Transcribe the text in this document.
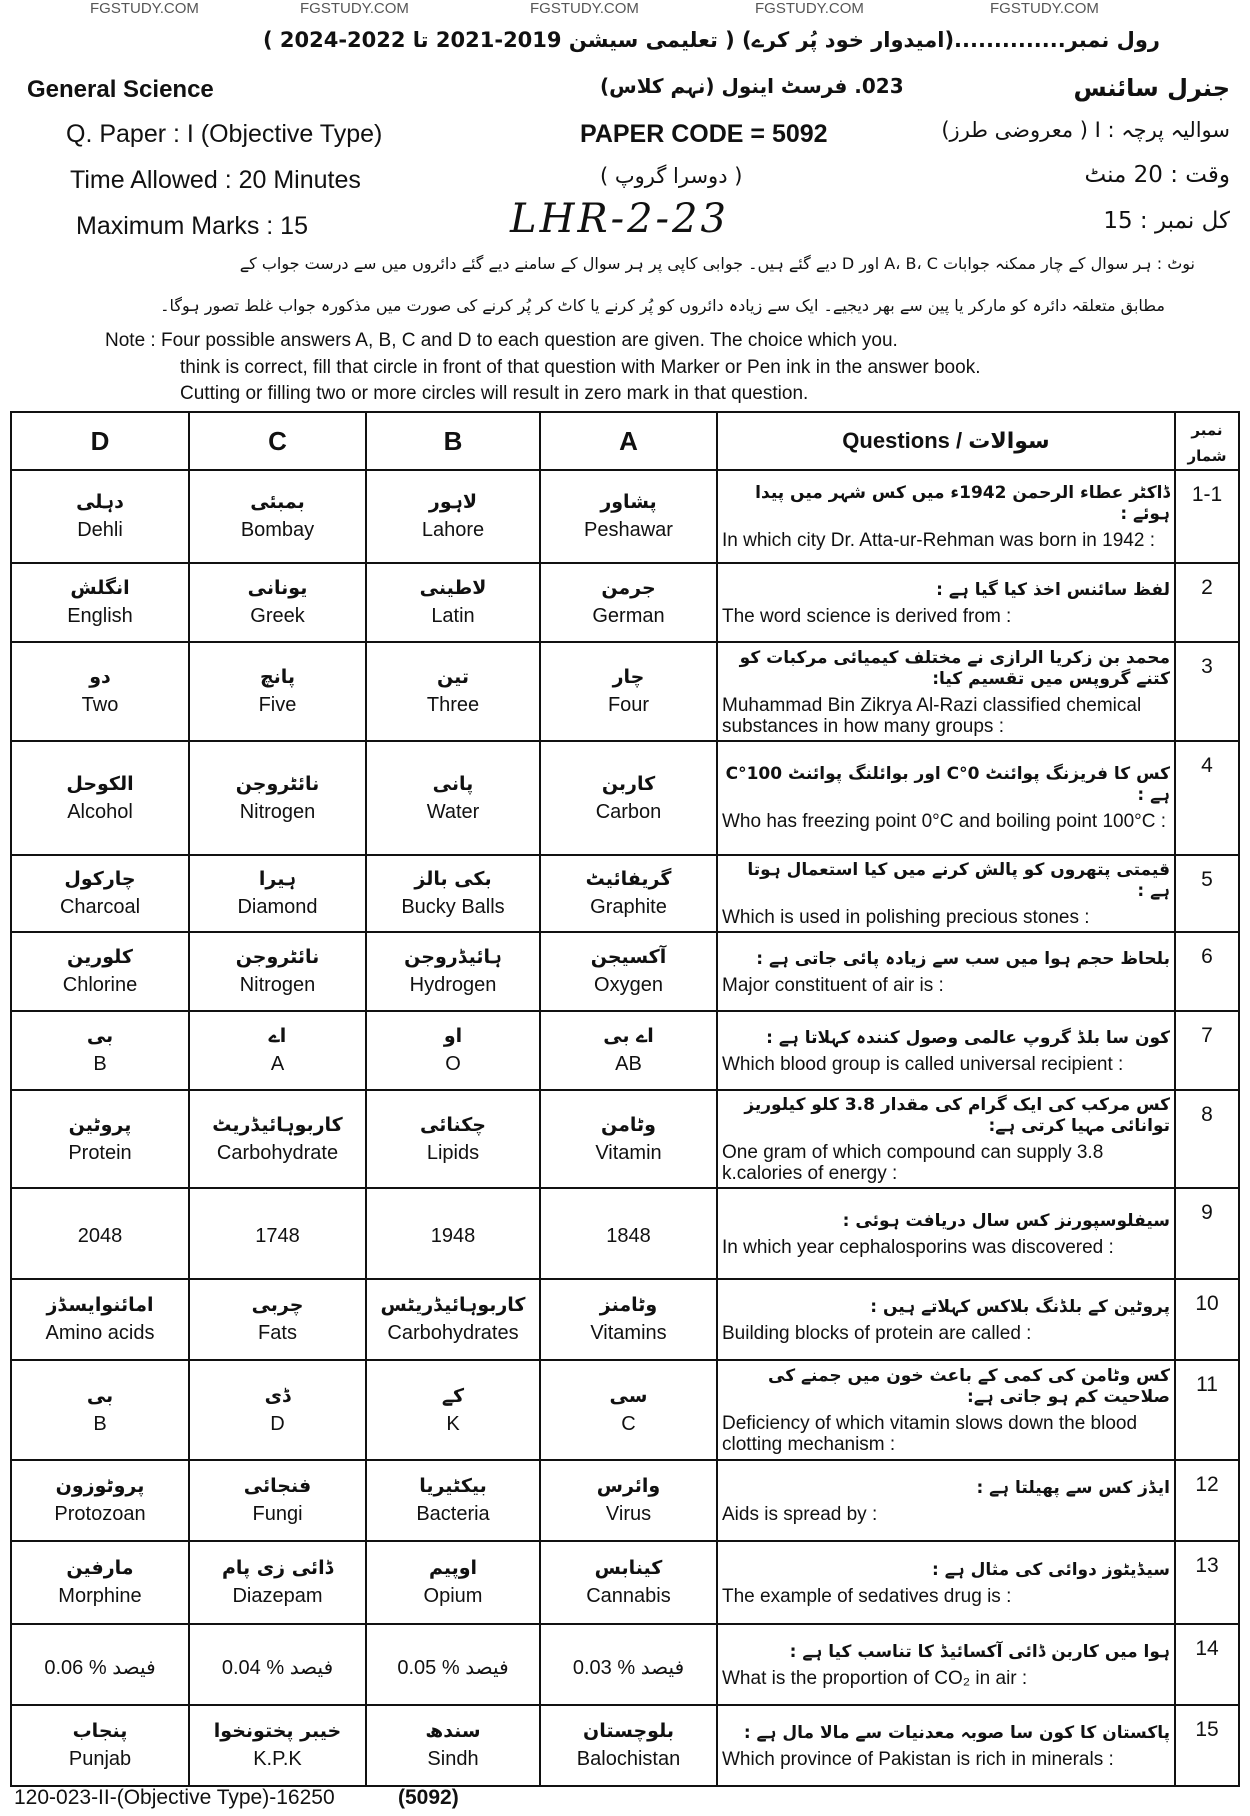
FGSTUDY.COM	FGSTUDY.COM	FGSTUDY.COM	FGSTUDY.COM	FGSTUDY.COM
رول نمبر..............(امیدوار خود پُر کرے) ( تعلیمی سیشن 2019-2021 تا 2022-2024 )
General Science	023. فرسٹ اینول (نہم کلاس)	جنرل سائنس
Q. Paper : I (Objective Type)	PAPER CODE = 5092	سوالیہ پرچہ : I ( معروضی طرز)
Time Allowed : 20 Minutes	( دوسرا گروپ )	وقت : 20 منٹ
Maximum Marks : 15	LHR-2-23	کل نمبر : 15
نوٹ : ہر سوال کے چار ممکنہ جوابات A، B، C اور D دیے گئے ہیں۔ جوابی کاپی پر ہر سوال کے سامنے دیے گئے دائروں میں سے درست جواب کے
مطابق متعلقہ دائرہ کو مارکر یا پین سے بھر دیجیے۔ ایک سے زیادہ دائروں کو پُر کرنے یا کاٹ کر پُر کرنے کی صورت میں مذکورہ جواب غلط تصور ہوگا۔
Note : Four possible answers A, B, C and D to each question are given. The choice which you.
think is correct, fill that circle in front of that question with Marker or Pen ink in the answer book.
Cutting or filling two or more circles will result in zero mark in that question.
D	C	B	A	Questions / سوالات	نمبر شمار

دہلی
Dehli	بمبئی
Bombay	لاہور
Lahore	پشاور
Peshawar	ڈاکٹر عطاء الرحمن 1942ء میں کس شہر میں پیدا ہوئے :
In which city Dr. Atta-ur-Rehman was born in 1942 :	1-1

انگلش
English	یونانی
Greek	لاطینی
Latin	جرمن
German	لفظ سائنس اخذ کیا گیا ہے :
The word science is derived from :	2

دو
Two	پانچ
Five	تین
Three	چار
Four	محمد بن زکریا الرازی نے مختلف کیمیائی مرکبات کو کتنے گروپس میں تقسیم کیا:
Muhammad Bin Zikrya Al-Razi classified chemical substances in how many groups :	3

الکوحل
Alcohol	نائٹروجن
Nitrogen	پانی
Water	کاربن
Carbon	کس کا فریزنگ پوائنٹ 0°C اور بوائلنگ پوائنٹ 100°C ہے :
Who has freezing point 0°C and boiling point 100°C :	4

چارکول
Charcoal	ہیرا
Diamond	بکی بالز
Bucky Balls	گریفائیٹ
Graphite	قیمتی پتھروں کو پالش کرنے میں کیا استعمال ہوتا ہے :
Which is used in polishing precious stones :	5

کلورین
Chlorine	نائٹروجن
Nitrogen	ہائیڈروجن
Hydrogen	آکسیجن
Oxygen	بلحاظ حجم ہوا میں سب سے زیادہ پائی جاتی ہے :
Major constituent of air is :	6

بی
B	اے
A	او
O	اے بی
AB	کون سا بلڈ گروپ عالمی وصول کنندہ کہلاتا ہے :
Which blood group is called universal recipient :	7

پروٹین
Protein	کاربوہائیڈریٹ
Carbohydrate	چکنائی
Lipids	وٹامن
Vitamin	کس مرکب کی ایک گرام کی مقدار 3.8 کلو کیلوریز توانائی مہیا کرتی ہے:
One gram of which compound can supply 3.8 k.calories of energy :	8

2048	1748	1948	1848	سیفلوسپورنز کس سال دریافت ہوئی :
In which year cephalosporins was discovered :	9

امائنوایسڈز
Amino acids	چربی
Fats	کاربوہائیڈریٹس
Carbohydrates	وٹامنز
Vitamins	پروٹین کے بلڈنگ بلاکس کہلاتے ہیں :
Building blocks of protein are called :	10

بی
B	ڈی
D	کے
K	سی
C	کس وٹامن کی کمی کے باعث خون میں جمنے کی صلاحیت کم ہو جاتی ہے:
Deficiency of which vitamin slows down the blood clotting mechanism :	11

پروٹوزون
Protozoan	فنجائی
Fungi	بیکٹیریا
Bacteria	وائرس
Virus	ایڈز کس سے پھیلتا ہے :
Aids is spread by :	12

مارفین
Morphine	ڈائی زی پام
Diazepam	اوپیم
Opium	کینابس
Cannabis	سیڈیٹوز دوائی کی مثال ہے :
The example of sedatives drug is :	13

0.06 % فیصد	0.04 % فیصد	0.05 % فیصد	0.03 % فیصد	ہوا میں کاربن ڈائی آکسائیڈ کا تناسب کیا ہے :
What is the proportion of CO₂ in air :	14

پنجاب
Punjab	خیبر پختونخوا
K.P.K	سندھ
Sindh	بلوچستان
Balochistan	پاکستان کا کون سا صوبہ معدنیات سے مالا مال ہے :
Which province of Pakistan is rich in minerals :	15
120-023-II-(Objective Type)-16250	(5092)
